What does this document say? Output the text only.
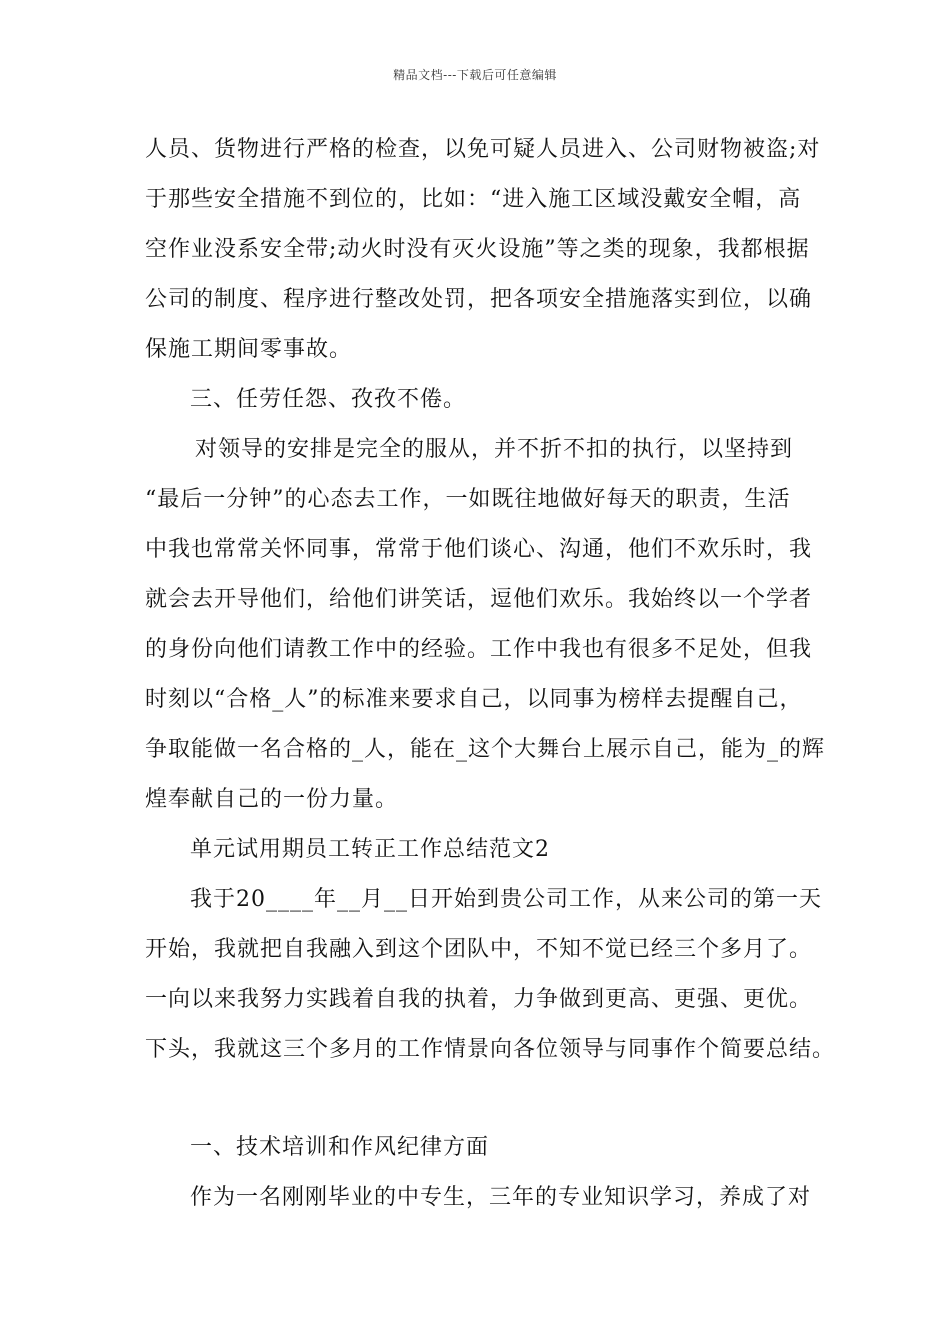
精品文档---下载后可任意编辑
人员、货物进行严格的检查，以免可疑人员进入、公司财物被盗;对
于那些安全措施不到位的，比如：“进入施工区域没戴安全帽，高
空作业没系安全带;动火时没有灭火设施”等之类的现象，我都根据
公司的制度、程序进行整改处罚，把各项安全措施落实到位，以确
保施工期间零事故。
三、任劳任怨、孜孜不倦。
对领导的安排是完全的服从，并不折不扣的执行，以坚持到
“最后一分钟”的心态去工作，一如既往地做好每天的职责，生活
中我也常常关怀同事，常常于他们谈心、沟通，他们不欢乐时，我
就会去开导他们，给他们讲笑话，逗他们欢乐。我始终以一个学者
的身份向他们请教工作中的经验。工作中我也有很多不足处，但我
时刻以“合格_人”的标准来要求自己，以同事为榜样去提醒自己，
争取能做一名合格的_人，能在_这个大舞台上展示自己，能为_的辉
煌奉献自己的一份力量。
单元试用期员工转正工作总结范文2
我于20____年__月__日开始到贵公司工作，从来公司的第一天
开始，我就把自我融入到这个团队中，不知不觉已经三个多月了。
一向以来我努力实践着自我的执着，力争做到更高、更强、更优。
下头，我就这三个多月的工作情景向各位领导与同事作个简要总结。
一、技术培训和作风纪律方面
作为一名刚刚毕业的中专生，三年的专业知识学习，养成了对
